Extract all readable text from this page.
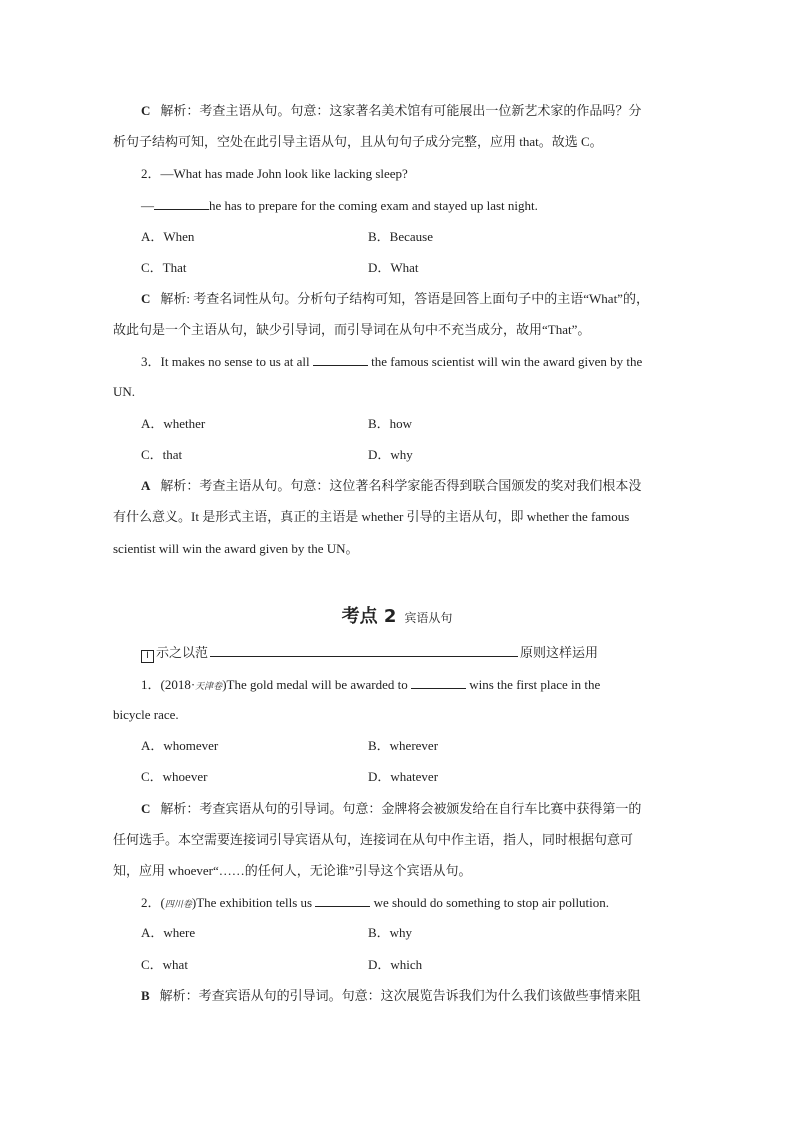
C 解析：考查主语从句。句意：这家著名美术馆有可能展出一位新艺术家的作品吗？分
析句子结构可知，空处在此引导主语从句，且从句句子成分完整，应用 that。故选 C。
2．—What has made John look like lacking sleep?
—	he has to prepare for the coming exam and stayed up last night.
A．When	B．Because
C．That	D．What
C 解析: 考查名词性从句。分析句子结构可知，答语是回答上面句子中的主语“What”的，
故此句是一个主语从句，缺少引导词，而引导词在从句中不充当成分，故用“That”。
3．It makes no sense to us at all	the famous scientist will win the award given by the
UN.
A．whether	B．how
C．that	D．why
A 解析：考查主语从句。句意：这位著名科学家能否得到联合国颁发的奖对我们根本没
有什么意义。It 是形式主语，真正的主语是 whether 引导的主语从句，即 whether the famous
scientist will win the award given by the UN。
考点 2 宾语从句
I 示之以范	原则这样运用
1．(2018·天津卷)The gold medal will be awarded to	wins the first place in the
bicycle race.
A．whomever	B．wherever
C．whoever	D．whatever
C 解析：考查宾语从句的引导词。句意：金牌将会被颁发给在自行车比赛中获得第一的
任何选手。本空需要连接词引导宾语从句，连接词在从句中作主语，指人，同时根据句意可
知，应用 whoever“……的任何人，无论谁”引导这个宾语从句。
2．(四川卷)The exhibition tells us	we should do something to stop air pollution.
A．where	B．why
C．what	D．which
B 解析：考查宾语从句的引导词。句意：这次展览告诉我们为什么我们该做些事情来阻
